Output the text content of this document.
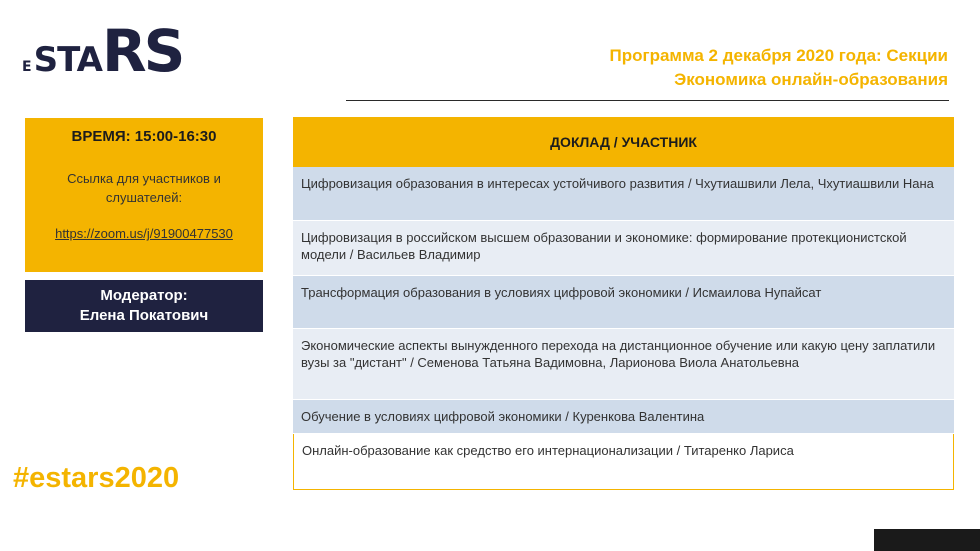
E STA RS	Программа 2 декабря 2020 года: Секции
Экономика онлайн-образования
ВРЕМЯ: 15:00-16:30
Ссылка для участников и слушателей:
https://zoom.us/j/91900477530
Модератор:
Елена Покатович
#estars2020
ДОКЛАД / УЧАСТНИК
Цифровизация образования в интересах устойчивого развития / Чхутиашвили Лела, Чхутиашвили Нана
Цифровизация в российском высшем образовании и экономике: формирование протекционистской модели / Васильев Владимир
Трансформация образования в условиях цифровой экономики / Исмаилова Нупайсат
Экономические аспекты вынужденного перехода на дистанционное обучение или какую цену заплатили вузы за "дистант" / Семенова Татьяна Вадимовна, Ларионова Виола Анатольевна
Обучение в условиях цифровой экономики / Куренкова Валентина
Онлайн-образование как средство его интернационализации / Титаренко Лариса
